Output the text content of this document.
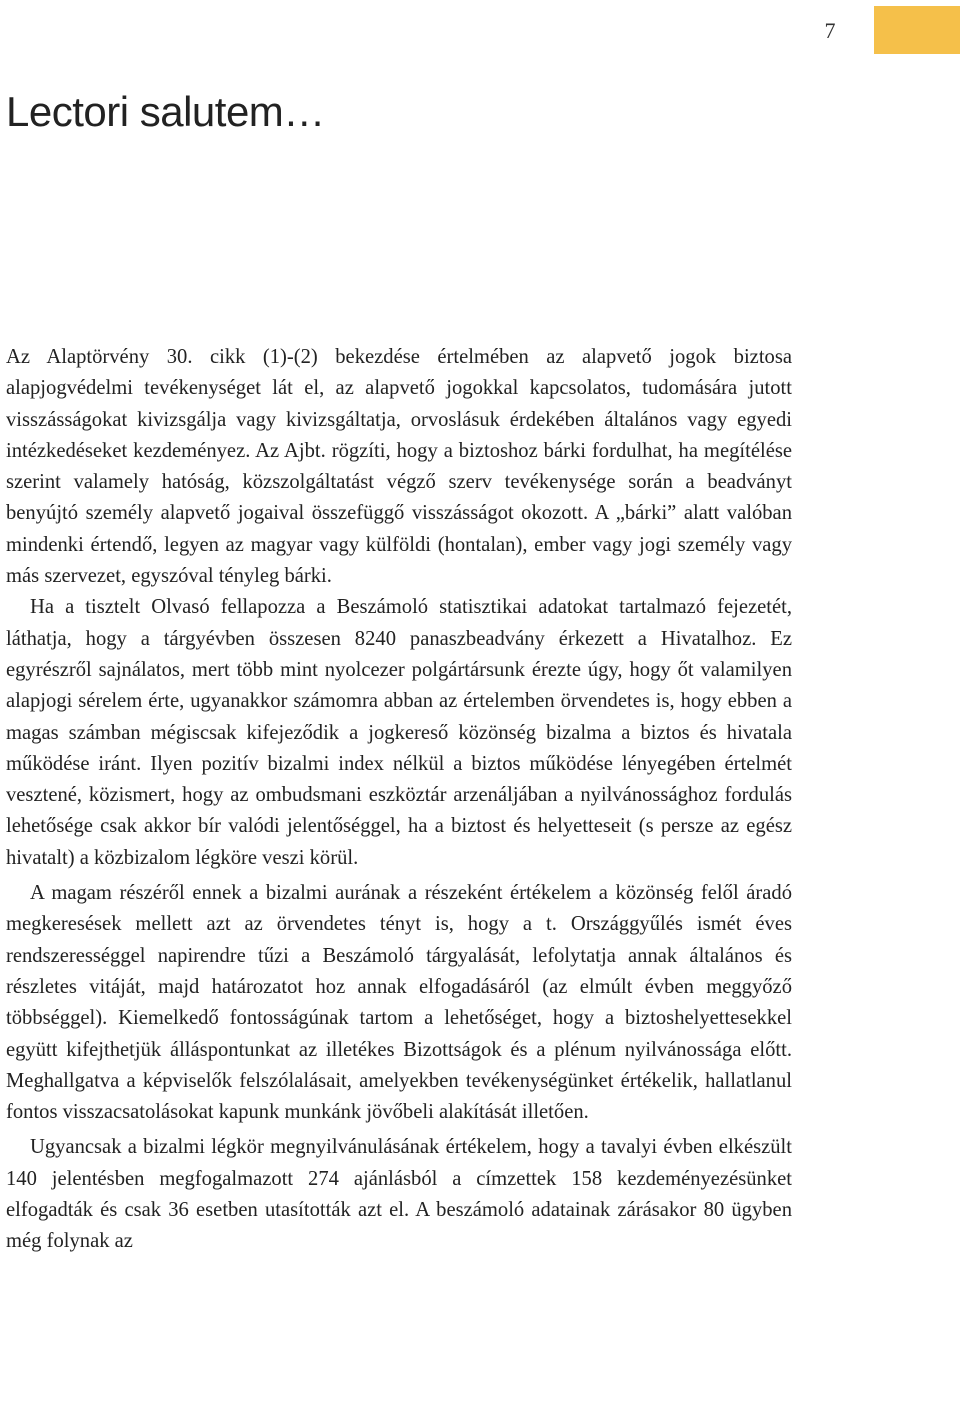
7
Lectori salutem…

Az Alaptörvény 30. cikk (1)-(2) bekezdése értelmében az alapvető jogok biztosa alapjogvédelmi tevékenységet lát el, az alapvető jogokkal kapcsolatos, tudomására jutott visszásságokat kivizsgálja vagy kivizsgáltatja, orvoslásuk érdekében általános vagy egyedi intézkedéseket kezdeményez. Az Ajbt. rögzíti, hogy a biztoshoz bárki fordulhat, ha megítélése szerint valamely hatóság, közszolgáltatást végző szerv tevékenysége során a beadványt benyújtó személy alapvető jogaival összefüggő visszásságot okozott. A „bárki” alatt valóban mindenki értendő, legyen az magyar vagy külföldi (hontalan), ember vagy jogi személy vagy más szervezet, egyszóval tényleg bárki.

Ha a tisztelt Olvasó fellapozza a Beszámoló statisztikai adatokat tartalmazó fejezetét, láthatja, hogy a tárgyévben összesen 8240 panaszbeadvány érkezett a Hivatalhoz. Ez egyrészről sajnálatos, mert több mint nyolcezer polgártársunk érezte úgy, hogy őt valamilyen alapjogi sérelem érte, ugyanakkor számomra abban az értelemben örvendetes is, hogy ebben a magas számban mégiscsak kifejeződik a jogkereső közönség bizalma a biztos és hivatala működése iránt. Ilyen pozitív bizalmi index nélkül a biztos működése lényegében értelmét vesztené, közismert, hogy az ombudsmani eszköztár arzenáljában a nyilvánossághoz fordulás lehetősége csak akkor bír valódi jelentőséggel, ha a biztost és helyetteseit (s persze az egész hivatalt) a közbizalom légköre veszi körül.

A magam részéről ennek a bizalmi aurának a részeként értékelem a közönség felől áradó megkeresések mellett azt az örvendetes tényt is, hogy a t. Országgyűlés ismét éves rendszerességgel napirendre tűzi a Beszámoló tárgyalását, lefolytatja annak általános és részletes vitáját, majd határozatot hoz annak elfogadásáról (az elmúlt évben meggyőző többséggel). Kiemelkedő fontosságúnak tartom a lehetőséget, hogy a biztoshelyettesekkel együtt kifejthetjük álláspontunkat az illetékes Bizottságok és a plénum nyilvánossága előtt. Meghallgatva a képviselők felszólalásait, amelyekben tevékenységünket értékelik, hallatlanul fontos visszacsatolásokat kapunk munkánk jövőbeli alakítását illetően.

Ugyancsak a bizalmi légkör megnyilvánulásának értékelem, hogy a tavalyi évben elkészült 140 jelentésben megfogalmazott 274 ajánlásból a címzettek 158 kezdeményezésünket elfogadták és csak 36 esetben utasították azt el. A beszámoló adatainak zárásakor 80 ügyben még folynak az
